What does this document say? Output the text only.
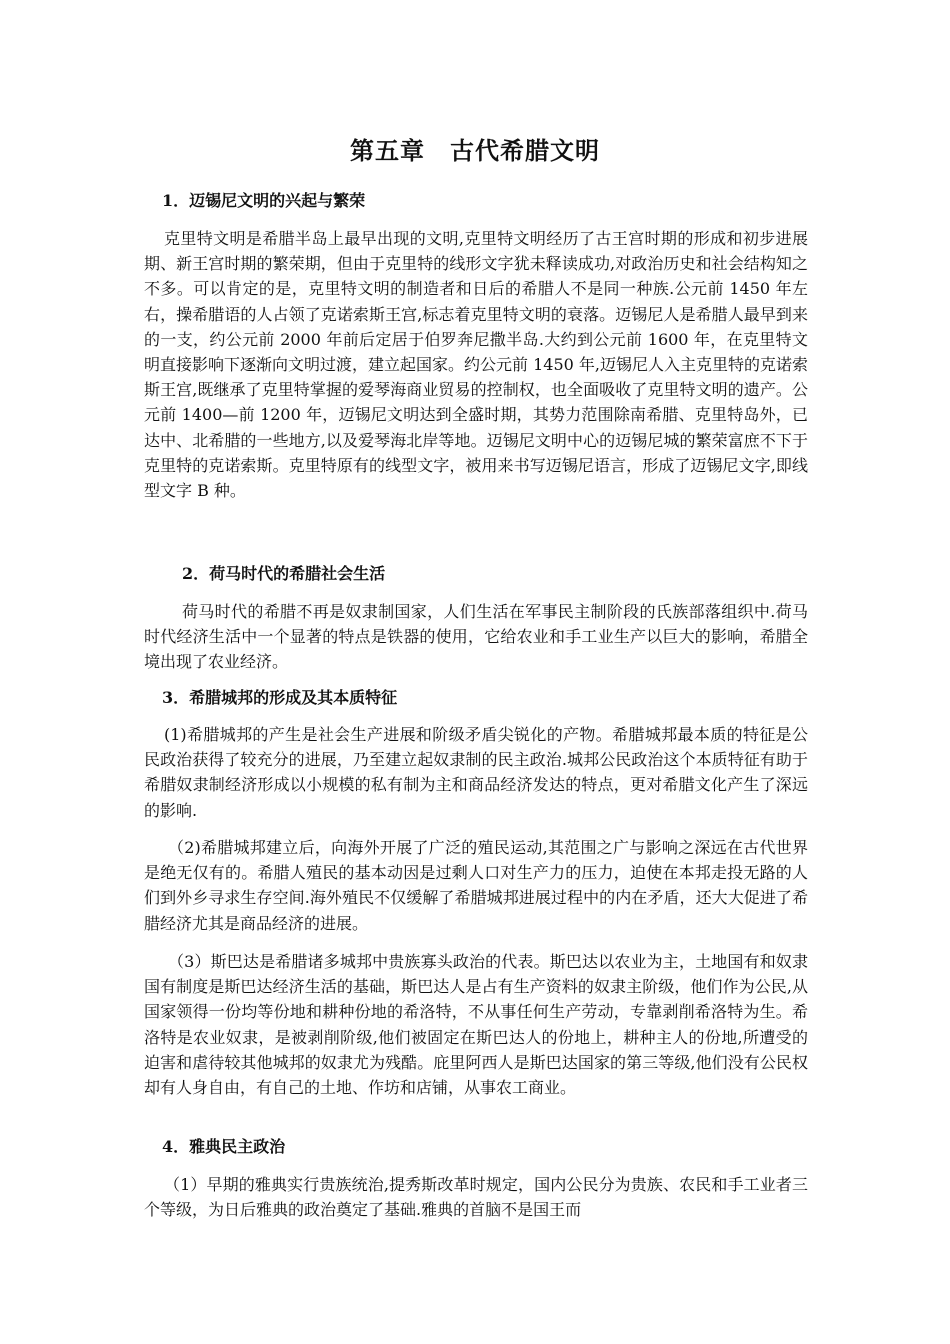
第五章　古代希腊文明
1．迈锡尼文明的兴起与繁荣
克里特文明是希腊半岛上最早出现的文明,克里特文明经历了古王宫时期的形成和初步进展期、新王宫时期的繁荣期，但由于克里特的线形文字犹未释读成功,对政治历史和社会结构知之不多。可以肯定的是，克里特文明的制造者和日后的希腊人不是同一种族.公元前 1450 年左右，操希腊语的人占领了克诺索斯王宫,标志着克里特文明的衰落。迈锡尼人是希腊人最早到来的一支，约公元前 2000 年前后定居于伯罗奔尼撒半岛.大约到公元前 1600 年，在克里特文明直接影响下逐渐向文明过渡，建立起国家。约公元前 1450 年,迈锡尼人入主克里特的克诺索斯王宫,既继承了克里特掌握的爱琴海商业贸易的控制权，也全面吸收了克里特文明的遗产。公元前 1400—前 1200 年，迈锡尼文明达到全盛时期，其势力范围除南希腊、克里特岛外，已达中、北希腊的一些地方,以及爱琴海北岸等地。迈锡尼文明中心的迈锡尼城的繁荣富庶不下于克里特的克诺索斯。克里特原有的线型文字，被用来书写迈锡尼语言，形成了迈锡尼文字,即线型文字 B 种。
2．荷马时代的希腊社会生活
荷马时代的希腊不再是奴隶制国家，人们生活在军事民主制阶段的氏族部落组织中.荷马时代经济生活中一个显著的特点是铁器的使用，它给农业和手工业生产以巨大的影响，希腊全境出现了农业经济。
3．希腊城邦的形成及其本质特征
(1)希腊城邦的产生是社会生产进展和阶级矛盾尖锐化的产物。希腊城邦最本质的特征是公民政治获得了较充分的进展，乃至建立起奴隶制的民主政治.城邦公民政治这个本质特征有助于希腊奴隶制经济形成以小规模的私有制为主和商品经济发达的特点，更对希腊文化产生了深远的影响.
（2)希腊城邦建立后，向海外开展了广泛的殖民运动,其范围之广与影响之深远在古代世界是绝无仅有的。希腊人殖民的基本动因是过剩人口对生产力的压力，迫使在本邦走投无路的人们到外乡寻求生存空间.海外殖民不仅缓解了希腊城邦进展过程中的内在矛盾，还大大促进了希腊经济尤其是商品经济的进展。
（3）斯巴达是希腊诸多城邦中贵族寡头政治的代表。斯巴达以农业为主，土地国有和奴隶国有制度是斯巴达经济生活的基础，斯巴达人是占有生产资料的奴隶主阶级，他们作为公民,从国家领得一份均等份地和耕种份地的希洛特，不从事任何生产劳动，专靠剥削希洛特为生。希洛特是农业奴隶，是被剥削阶级,他们被固定在斯巴达人的份地上，耕种主人的份地,所遭受的迫害和虐待较其他城邦的奴隶尤为残酷。庇里阿西人是斯巴达国家的第三等级,他们没有公民权却有人身自由，有自己的土地、作坊和店铺，从事农工商业。
4．雅典民主政治
（1）早期的雅典实行贵族统治,提秀斯改革时规定，国内公民分为贵族、农民和手工业者三个等级，为日后雅典的政治奠定了基础.雅典的首脑不是国王而
